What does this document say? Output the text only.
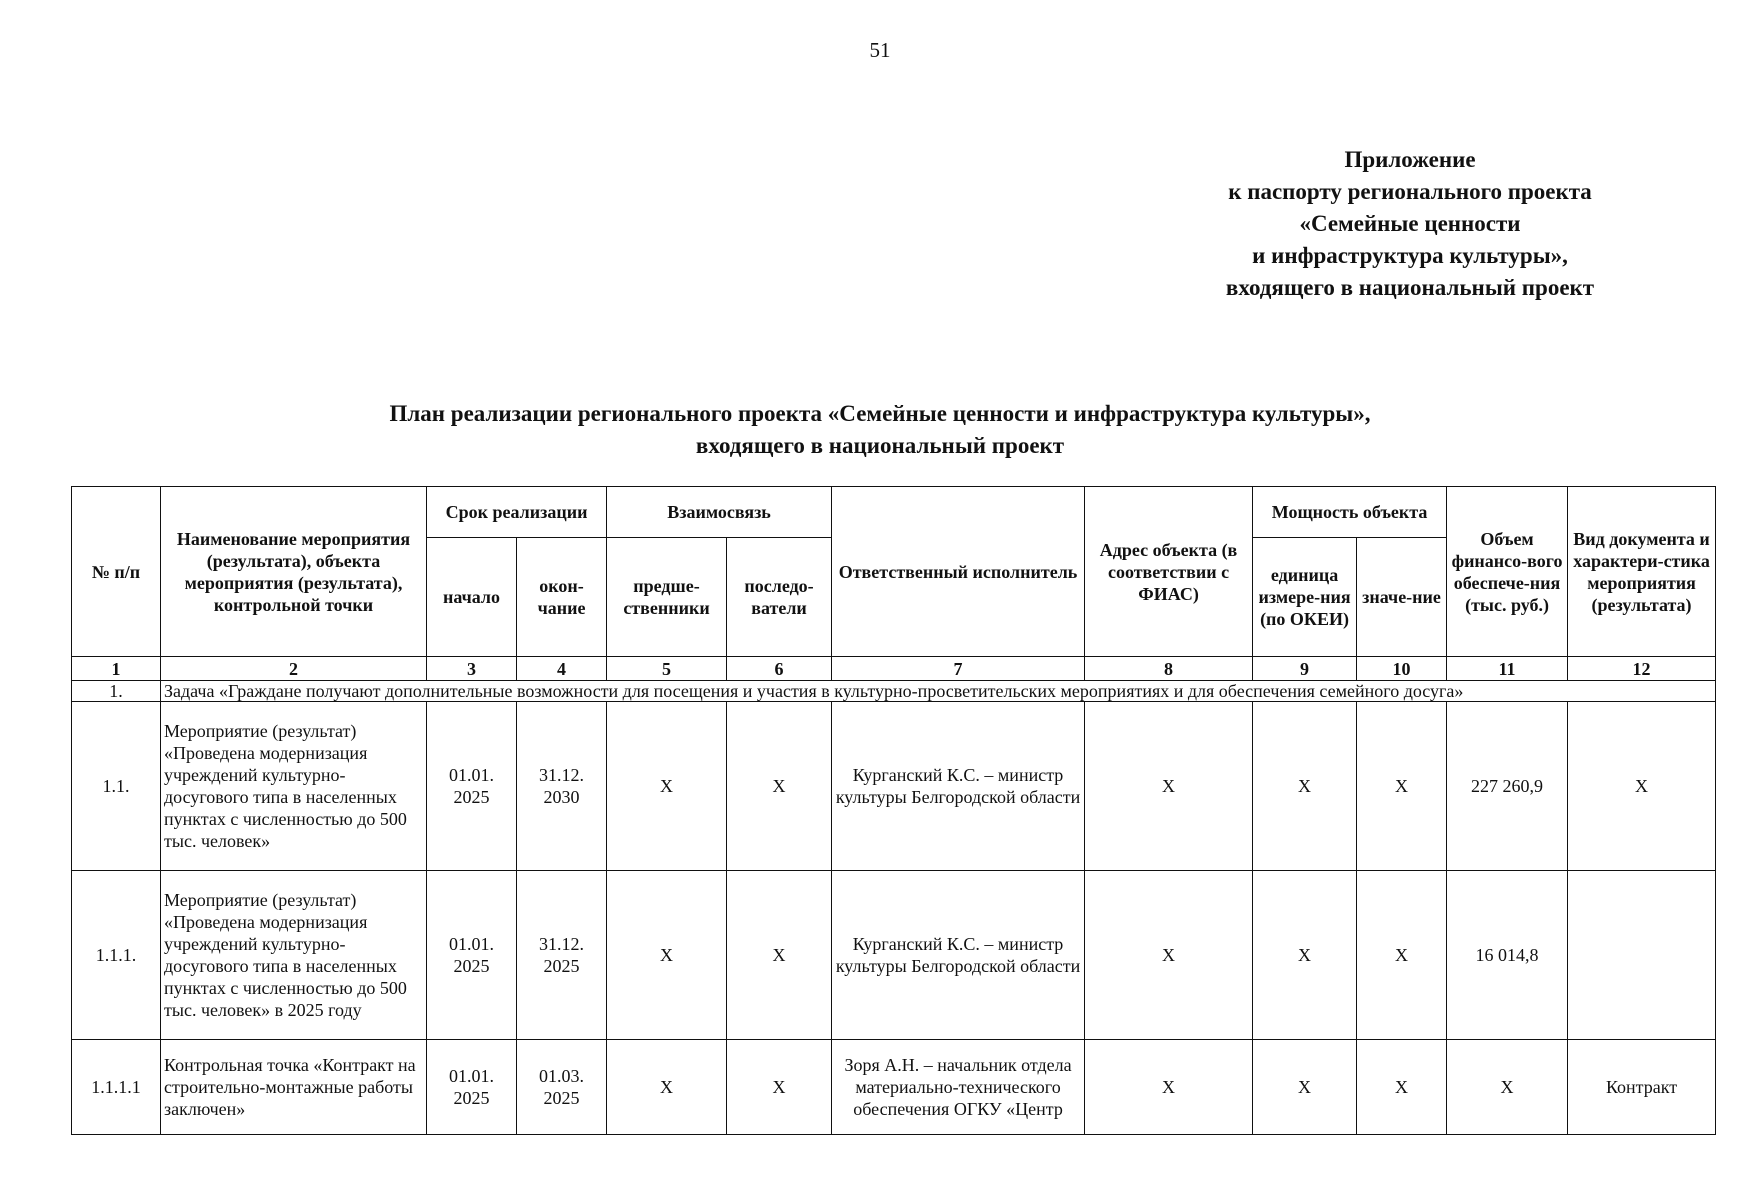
51
Приложение
к паспорту регионального проекта
«Семейные ценности
и инфраструктура культуры»,
входящего в национальный проект
План реализации регионального проекта «Семейные ценности и инфраструктура культуры»,
входящего в национальный проект
№ п/п	Наименование мероприятия (результата), объекта мероприятия (результата), контрольной точки	Срок реализации		Взаимосвязь		Ответственный исполнитель	Адрес объекта (в соответствии с ФИАС)	Мощность объекта		Объем финансо-вого обеспече-ния (тыс. руб.)	Вид документа и характери-стика мероприятия (результата)
		начало	окон-чание	предше-ственники	последо-ватели			единица измере-ния (по ОКЕИ)	значе-ние		
1	2	3	4	5	6	7	8	9	10	11	12
1.	Задача «Граждане получают дополнительные возможности для посещения и участия в культурно-просветительских мероприятиях и для обеспечения семейного досуга»										
1.1.	Мероприятие (результат) «Проведена модернизация учреждений культурно-досугового типа в населенных пунктах с численностью до 500 тыс. человек»	01.01. 2025	31.12. 2030	Х	Х	Курганский К.С. – министр культуры Белгородской области	Х	Х	Х	227 260,9	Х
1.1.1.	Мероприятие (результат) «Проведена модернизация учреждений культурно-досугового типа в населенных пунктах с численностью до 500 тыс. человек» в 2025 году	01.01. 2025	31.12. 2025	Х	Х	Курганский К.С. – министр культуры Белгородской области	Х	Х	Х	16 014,8	
1.1.1.1	Контрольная точка «Контракт на строительно-монтажные работы заключен»	01.01. 2025	01.03. 2025	Х	Х	Зоря А.Н. – начальник отдела материально-технического обеспечения ОГКУ «Центр	Х	Х	Х	Х	Контракт
